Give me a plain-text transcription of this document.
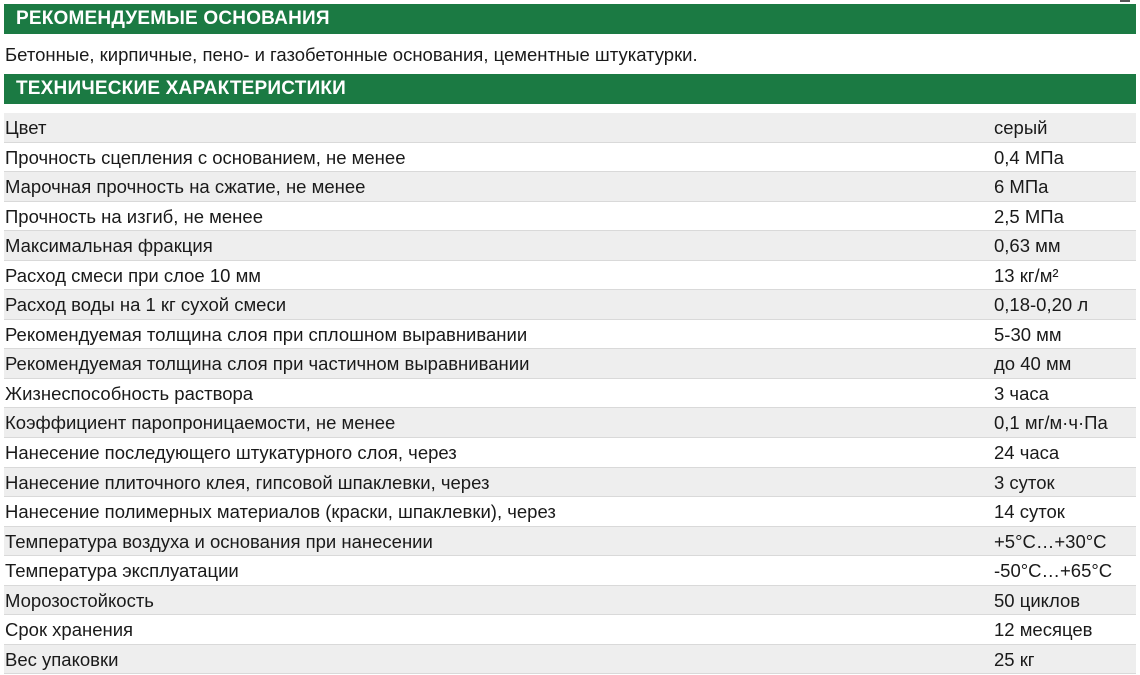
РЕКОМЕНДУЕМЫЕ ОСНОВАНИЯ
Бетонные, кирпичные, пено- и газобетонные основания, цементные штукатурки.
ТЕХНИЧЕСКИЕ ХАРАКТЕРИСТИКИ
Цвет	серый
Прочность сцепления с основанием, не менее	0,4 МПа
Марочная прочность на сжатие, не менее	6 МПа
Прочность на изгиб, не менее	2,5 МПа
Максимальная фракция	0,63 мм
Расход смеси при слое 10 мм	13 кг/м²
Расход воды на 1 кг сухой смеси	0,18-0,20 л
Рекомендуемая толщина слоя при сплошном выравнивании	5-30 мм
Рекомендуемая толщина слоя при частичном выравнивании	до 40 мм
Жизнеспособность раствора	3 часа
Коэффициент паропроницаемости, не менее	0,1 мг/м·ч·Па
Нанесение последующего штукатурного слоя, через	24 часа
Нанесение плиточного клея, гипсовой шпаклевки, через	3 суток
Нанесение полимерных материалов (краски, шпаклевки), через	14 суток
Температура воздуха и основания при нанесении	+5°C…+30°C
Температура эксплуатации	-50°C…+65°C
Морозостойкость	50 циклов
Срок хранения	12 месяцев
Вес упаковки	25 кг
